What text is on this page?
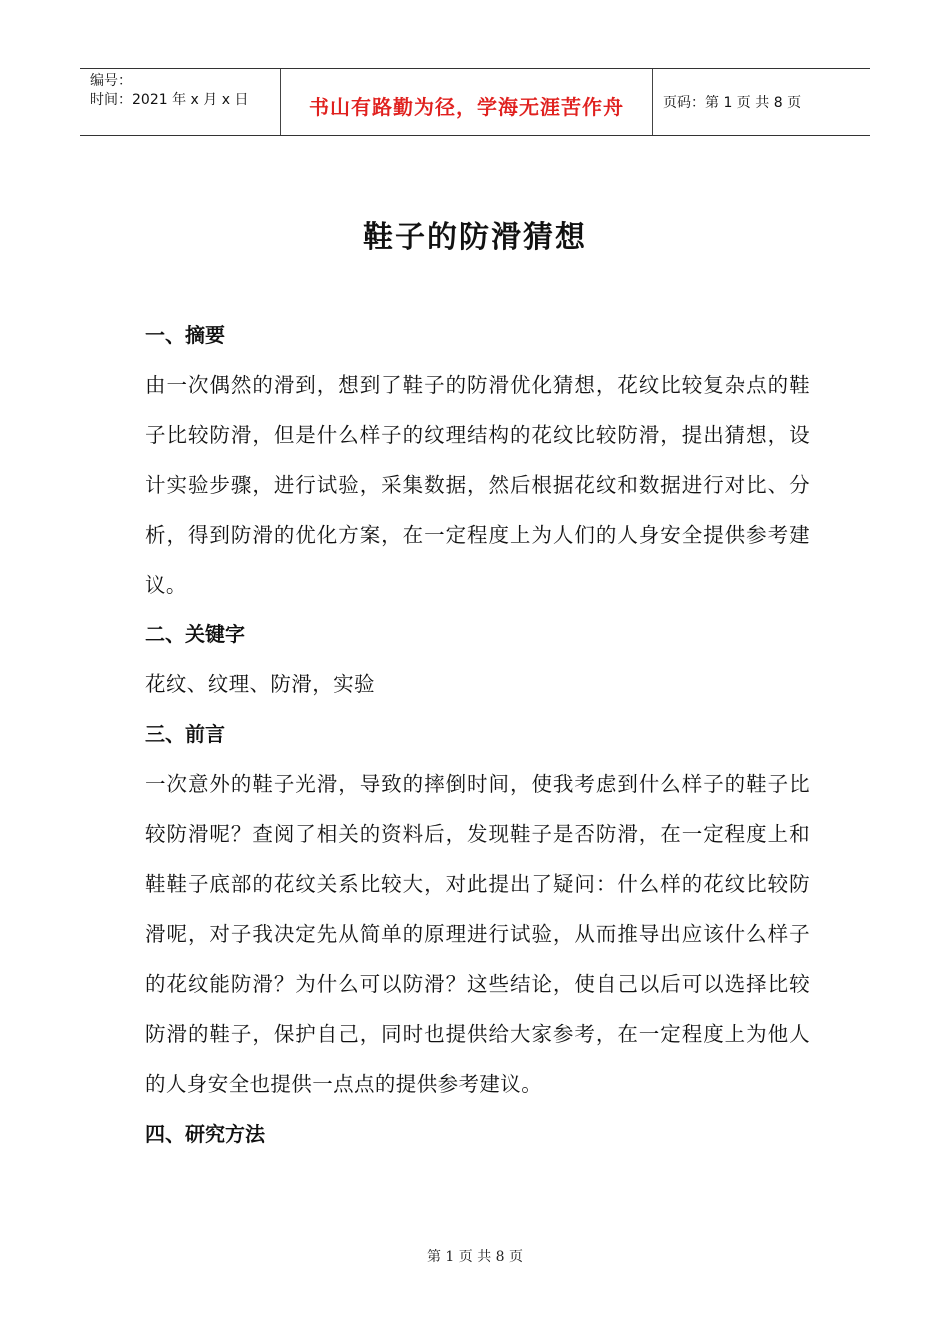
编号：
时间：2021 年 x 月 x 日	书山有路勤为径，学海无涯苦作舟	页码：第 1 页 共 8 页
鞋子的防滑猜想
一、摘要

由一次偶然的滑到，想到了鞋子的防滑优化猜想，花纹比较复杂点的鞋子比较防滑，但是什么样子的纹理结构的花纹比较防滑，提出猜想，设计实验步骤，进行试验，采集数据，然后根据花纹和数据进行对比、分析，得到防滑的优化方案，在一定程度上为人们的人身安全提供参考建议。

二、关键字

花纹、纹理、防滑，实验

三、前言

一次意外的鞋子光滑，导致的摔倒时间，使我考虑到什么样子的鞋子比较防滑呢？查阅了相关的资料后，发现鞋子是否防滑，在一定程度上和鞋鞋子底部的花纹关系比较大，对此提出了疑问：什么样的花纹比较防滑呢，对子我决定先从简单的原理进行试验，从而推导出应该什么样子的花纹能防滑？为什么可以防滑？这些结论，使自己以后可以选择比较防滑的鞋子，保护自己，同时也提供给大家参考，在一定程度上为他人的人身安全也提供一点点的提供参考建议。

四、研究方法
第 1 页 共 8 页
